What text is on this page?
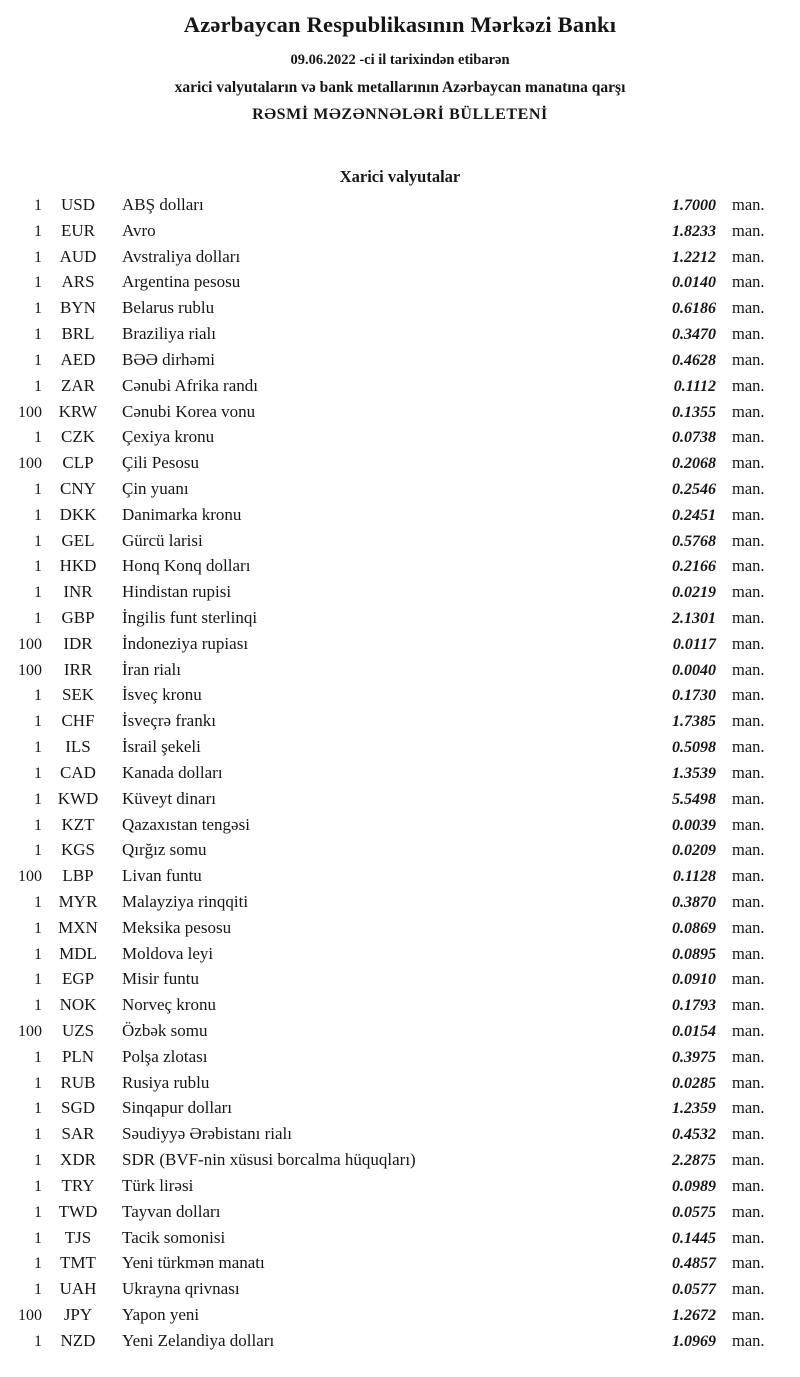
Azərbaycan Respublikasının Mərkəzi Bankı
09.06.2022 -ci il tarixindən etibarən
xarici valyutaların və bank metallarının Azərbaycan manatına qarşı
RƏSMİ MƏZƏNNƏLƏRİ BÜLLETENİ
Xarici valyutalar
1	USD	ABŞ dolları	1.7000 man.
1	EUR	Avro	1.8233 man.
1	AUD	Avstraliya dolları	1.2212 man.
1	ARS	Argentina pesosu	0.0140 man.
1	BYN	Belarus rublu	0.6186 man.
1	BRL	Braziliya rialı	0.3470 man.
1	AED	BƏƏ dirhəmi	0.4628 man.
1	ZAR	Cənubi Afrika randı	0.1112 man.
100 KRW	Cənubi Korea vonu	0.1355 man.
1	CZK	Çexiya kronu	0.0738 man.
100	CLP	Çili Pesosu	0.2068 man.
1	CNY	Çin yuanı	0.2546 man.
1	DKK	Danimarka kronu	0.2451 man.
1	GEL	Gürcü larisi	0.5768 man.
1	HKD	Honq Konq dolları	0.2166 man.
1	INR	Hindistan rupisi	0.0219 man.
1	GBP	İngilis funt sterlinqi	2.1301 man.
100	IDR	İndoneziya rupiası	0.0117 man.
100	IRR	İran rialı	0.0040 man.
1	SEK	İsveç kronu	0.1730 man.
1	CHF	İsveçrə frankı	1.7385 man.
1	ILS	İsrail şekeli	0.5098 man.
1	CAD	Kanada dolları	1.3539 man.
1 KWD	Küveyt dinarı	5.5498 man.
1	KZT	Qazaxıstan tengəsi	0.0039 man.
1	KGS	Qırğız somu	0.0209 man.
100	LBP	Livan funtu	0.1128 man.
1 MYR	Malayziya rinqqiti	0.3870 man.
1 MXN	Meksika pesosu	0.0869 man.
1	MDL	Moldova leyi	0.0895 man.
1	EGP	Misir funtu	0.0910 man.
1	NOK	Norveç kronu	0.1793 man.
100	UZS	Özbək somu	0.0154 man.
1	PLN	Polşa zlotası	0.3975 man.
1	RUB	Rusiya rublu	0.0285 man.
1	SGD	Sinqapur dolları	1.2359 man.
1	SAR	Səudiyyə Ərəbistanı rialı	0.4532 man.
1	XDR	SDR (BVF-nin xüsusi borcalma hüquqları)	2.2875 man.
1	TRY	Türk lirəsi	0.0989 man.
1 TWD	Tayvan dolları	0.0575 man.
1	TJS	Tacik somonisi	0.1445 man.
1	TMT	Yeni türkmən manatı	0.4857 man.
1	UAH	Ukrayna qrivnası	0.0577 man.
100	JPY	Yapon yeni	1.2672 man.
1	NZD	Yeni Zelandiya dolları	1.0969 man.
